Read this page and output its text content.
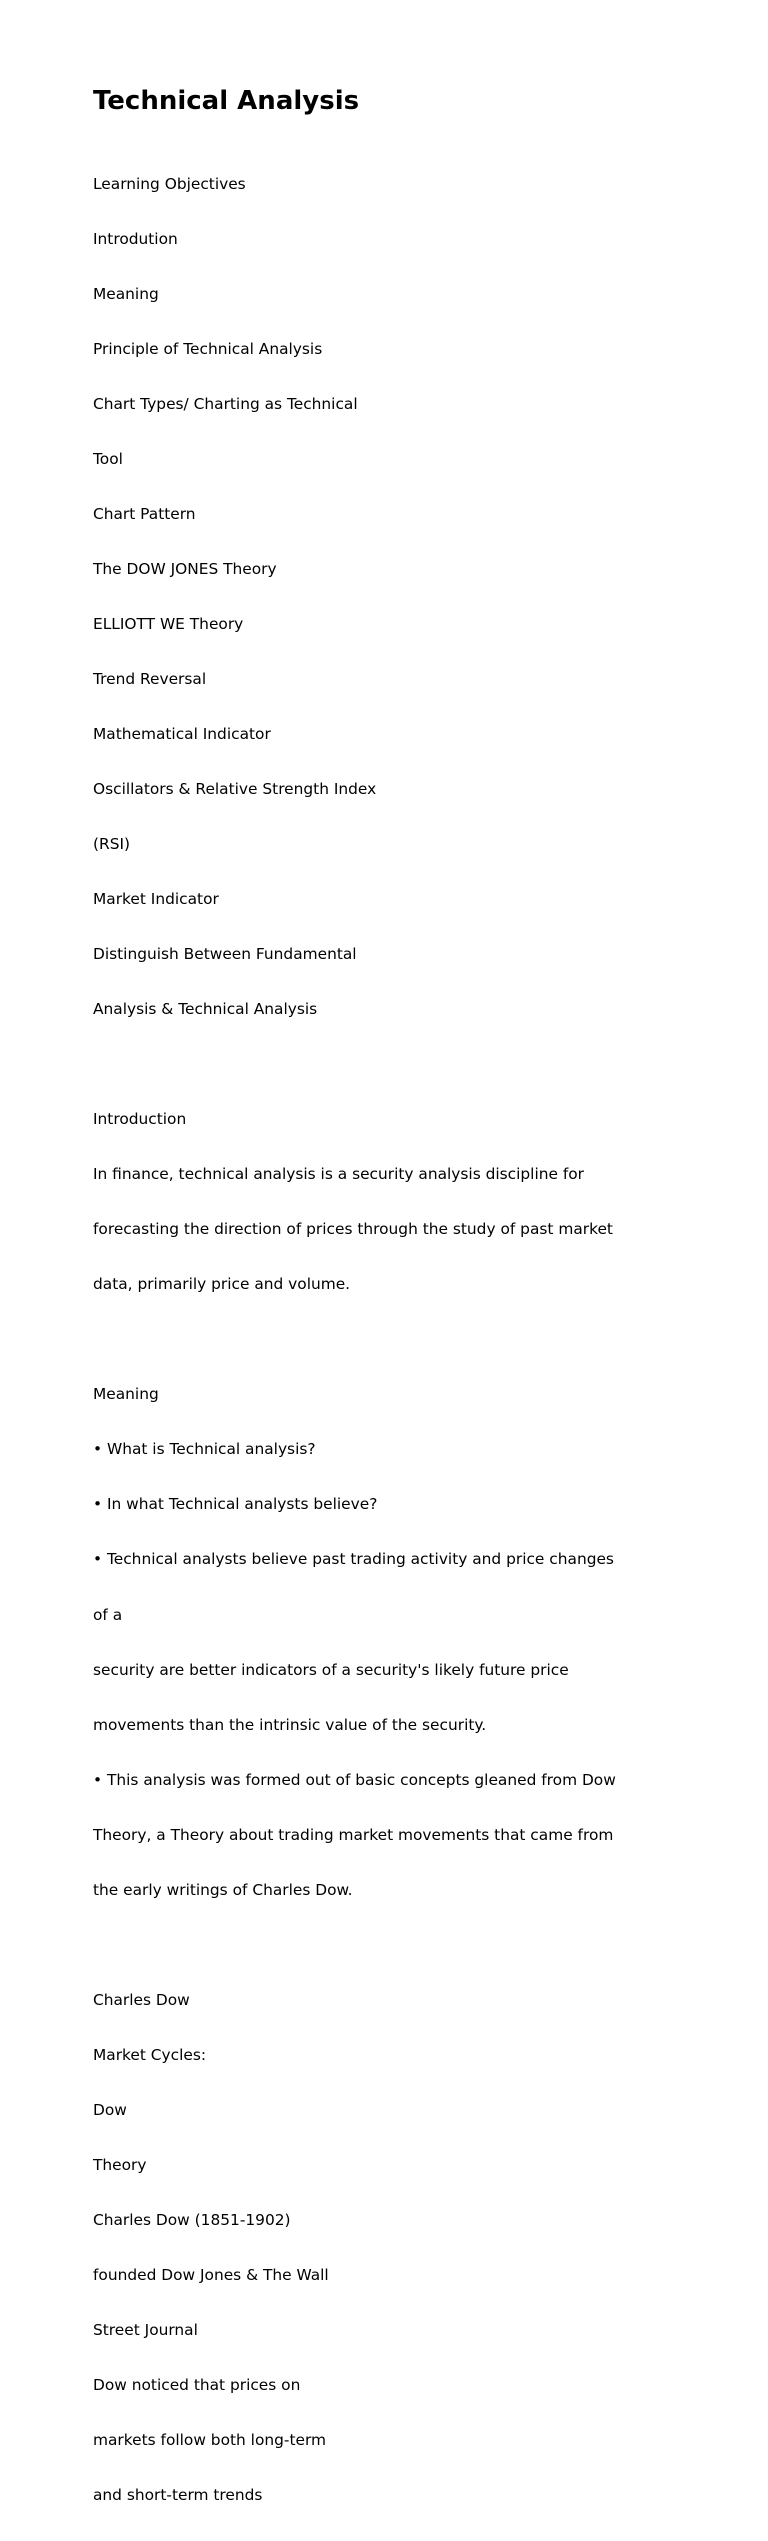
Technical Analysis

Learning Objectives

Introdution

Meaning

Principle of Technical Analysis

Chart Types/ Charting as Technical

Tool

Chart Pattern

The DOW JONES Theory

ELLIOTT WE Theory

Trend Reversal

Mathematical Indicator

Oscillators & Relative Strength Index

(RSI)

Market Indicator

Distinguish Between Fundamental

Analysis & Technical Analysis

Introduction

In finance, technical analysis is a security analysis discipline for

forecasting the direction of prices through the study of past market

data, primarily price and volume.

Meaning

• What is Technical analysis?

• In what Technical analysts believe?

• Technical analysts believe past trading activity and price changes

of a

security are better indicators of a security's likely future price

movements than the intrinsic value of the security.

• This analysis was formed out of basic concepts gleaned from Dow

Theory, a Theory about trading market movements that came from

the early writings of Charles Dow.

Charles Dow

Market Cycles:

Dow

Theory

Charles Dow (1851-1902)

founded Dow Jones & The Wall

Street Journal

Dow noticed that prices on

markets follow both long-term

and short-term trends
